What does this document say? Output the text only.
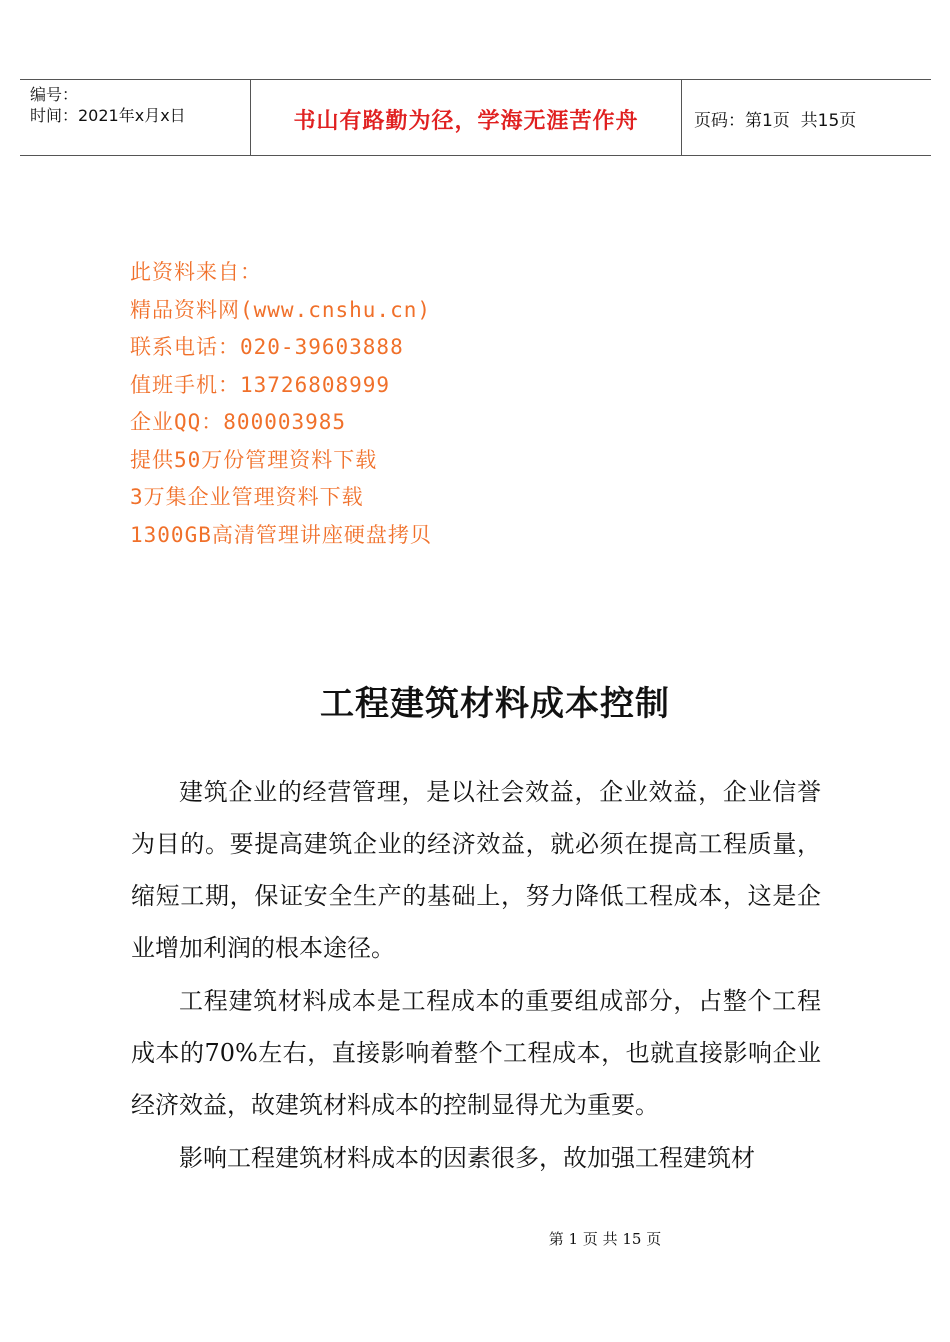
编号：
时间：2021年x月x日	书山有路勤为径，学海无涯苦作舟	页码：第1页  共15页
此资料来自：
精品资料网(www.cnshu.cn)
联系电话：020-39603888
值班手机：13726808999
企业QQ：800003985
提供50万份管理资料下载
3万集企业管理资料下载
1300GB高清管理讲座硬盘拷贝
工程建筑材料成本控制

建筑企业的经营管理，是以社会效益，企业效益，企业信誉为目的。要提高建筑企业的经济效益，就必须在提高工程质量，缩短工期，保证安全生产的基础上，努力降低工程成本，这是企业增加利润的根本途径。

工程建筑材料成本是工程成本的重要组成部分，占整个工程成本的70%左右，直接影响着整个工程成本，也就直接影响企业经济效益，故建筑材料成本的控制显得尤为重要。

影响工程建筑材料成本的因素很多，故加强工程建筑材

第 1 页 共 15 页
